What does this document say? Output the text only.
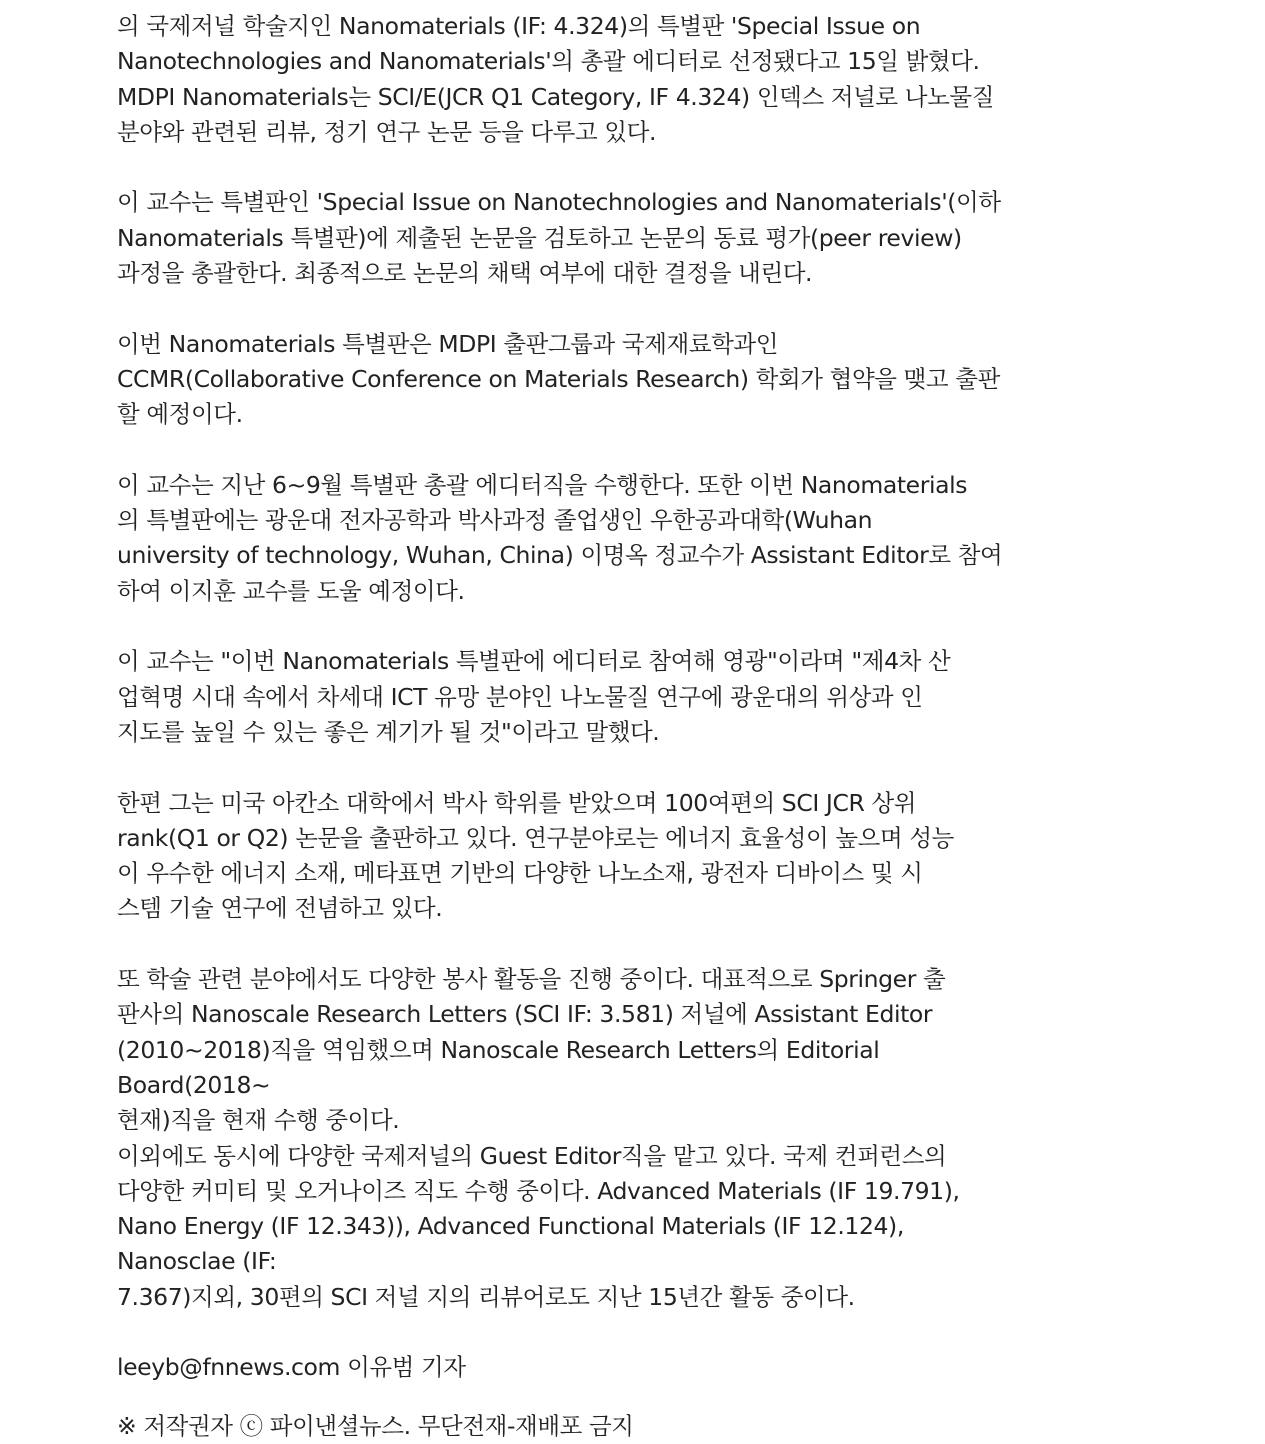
의 국제저널 학술지인 Nanomaterials (IF: 4.324)의 특별판 'Special Issue on
Nanotechnologies and Nanomaterials'의 총괄 에디터로 선정됐다고 15일 밝혔다.
MDPI Nanomaterials는 SCI/E(JCR Q1 Category, IF 4.324) 인덱스 저널로 나노물질
분야와 관련된 리뷰, 정기 연구 논문 등을 다루고 있다.

이 교수는 특별판인 'Special Issue on Nanotechnologies and Nanomaterials'(이하
Nanomaterials 특별판)에 제출된 논문을 검토하고 논문의 동료 평가(peer review)
과정을 총괄한다. 최종적으로 논문의 채택 여부에 대한 결정을 내린다.

이번 Nanomaterials 특별판은 MDPI 출판그룹과 국제재료학과인
CCMR(Collaborative Conference on Materials Research) 학회가 협약을 맺고 출판
할 예정이다.

이 교수는 지난 6~9월 특별판 총괄 에디터직을 수행한다. 또한 이번 Nanomaterials
의 특별판에는 광운대 전자공학과 박사과정 졸업생인 우한공과대학(Wuhan
university of technology, Wuhan, China) 이명옥 정교수가 Assistant Editor로 참여
하여 이지훈 교수를 도울 예정이다.

이 교수는 "이번 Nanomaterials 특별판에 에디터로 참여해 영광"이라며 "제4차 산
업혁명 시대 속에서 차세대 ICT 유망 분야인 나노물질 연구에 광운대의 위상과 인
지도를 높일 수 있는 좋은 계기가 될 것"이라고 말했다.

한편 그는 미국 아칸소 대학에서 박사 학위를 받았으며 100여편의 SCI JCR 상위
rank(Q1 or Q2) 논문을 출판하고 있다. 연구분야로는 에너지 효율성이 높으며 성능
이 우수한 에너지 소재, 메타표면 기반의 다양한 나노소재, 광전자 디바이스 및 시
스템 기술 연구에 전념하고 있다.

또 학술 관련 분야에서도 다양한 봉사 활동을 진행 중이다. 대표적으로 Springer 출
판사의 Nanoscale Research Letters (SCI IF: 3.581) 저널에 Assistant Editor
(2010~2018)직을 역임했으며 Nanoscale Research Letters의 Editorial Board(2018~
현재)직을 현재 수행 중이다.

이외에도 동시에 다양한 국제저널의 Guest Editor직을 맡고 있다. 국제 컨퍼런스의
다양한 커미티 및 오거나이즈 직도 수행 중이다. Advanced Materials (IF 19.791),
Nano Energy (IF 12.343)), Advanced Functional Materials (IF 12.124), Nanosclae (IF:
7.367)지외, 30편의 SCI 저널 지의 리뷰어로도 지난 15년간 활동 중이다.

leeyb@fnnews.com 이유범 기자

※ 저작권자 ⓒ 파이낸셜뉴스. 무단전재-재배포 금지
